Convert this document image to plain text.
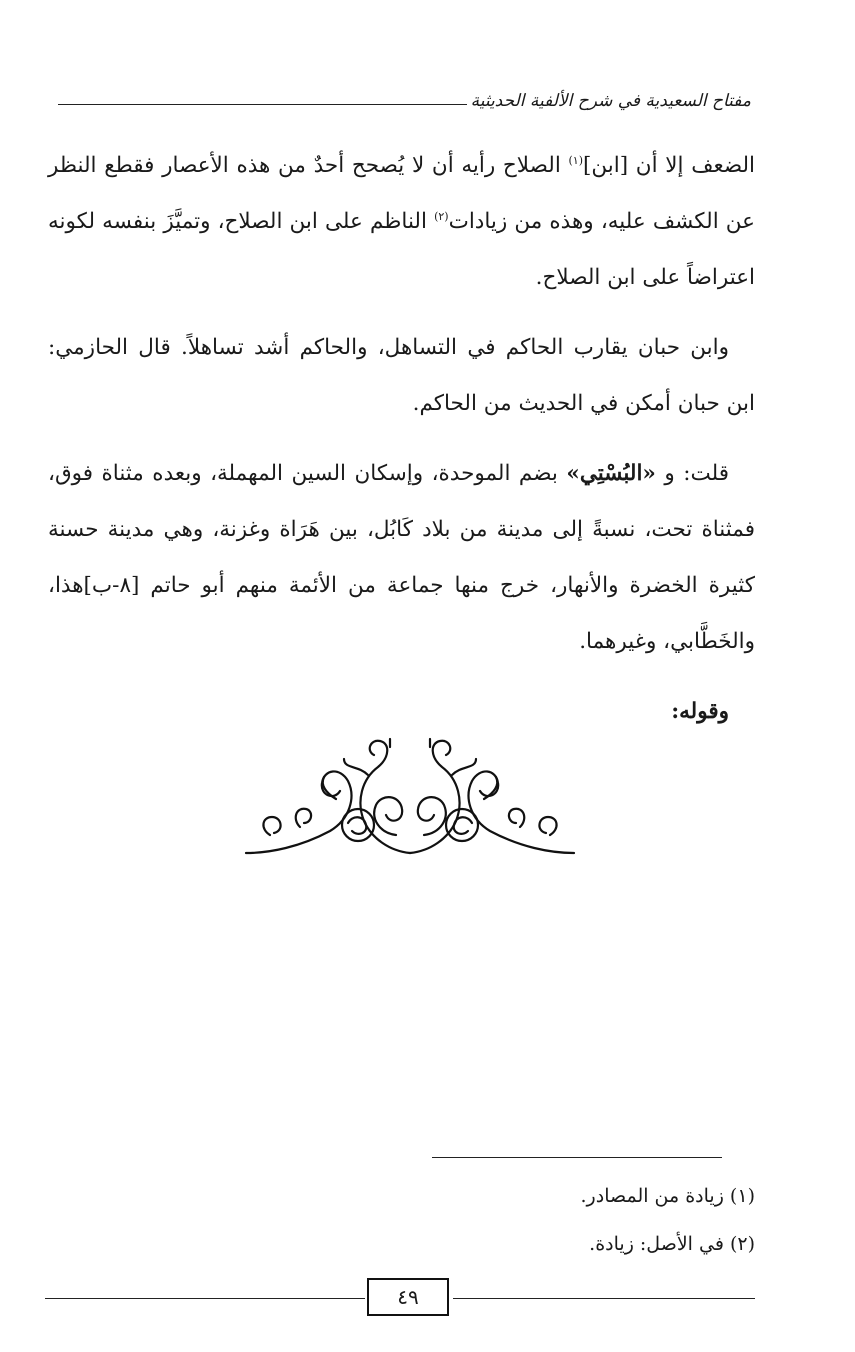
مفتاح السعيدية في شرح الألفية الحديثية

الضعف إلا أن [ابن]$^{(١)}$ الصلاح رأيه أن لا يُصحح أحدٌ من هذه الأعصار فقطع النظر عن الكشف عليه، وهذه من زيادات$^{(٢)}$ الناظم على ابن الصلاح، وتميَّزَ بنفسه لكونه اعتراضاً على ابن الصلاح.

وابن حبان يقارب الحاكم في التساهل، والحاكم أشد تساهلاً. قال الحازمي: ابن حبان أمكن في الحديث من الحاكم.

قلت: و «البُسْتِي» بضم الموحدة، وإسكان السين المهملة، وبعده مثناة فوق، فمثناة تحت، نسبةً إلى مدينة من بلاد كَابُل، بين هَرَاة وغزنة، وهي مدينة حسنة كثيرة الخضرة والأنهار، خرج منها جماعة من الأئمة منهم أبو حاتم [٨-ب]هذا، والخَطَّابي، وغيرهما.

وقوله:

(١) زيادة من المصادر.
(٢) في الأصل: زيادة.
٤٩
